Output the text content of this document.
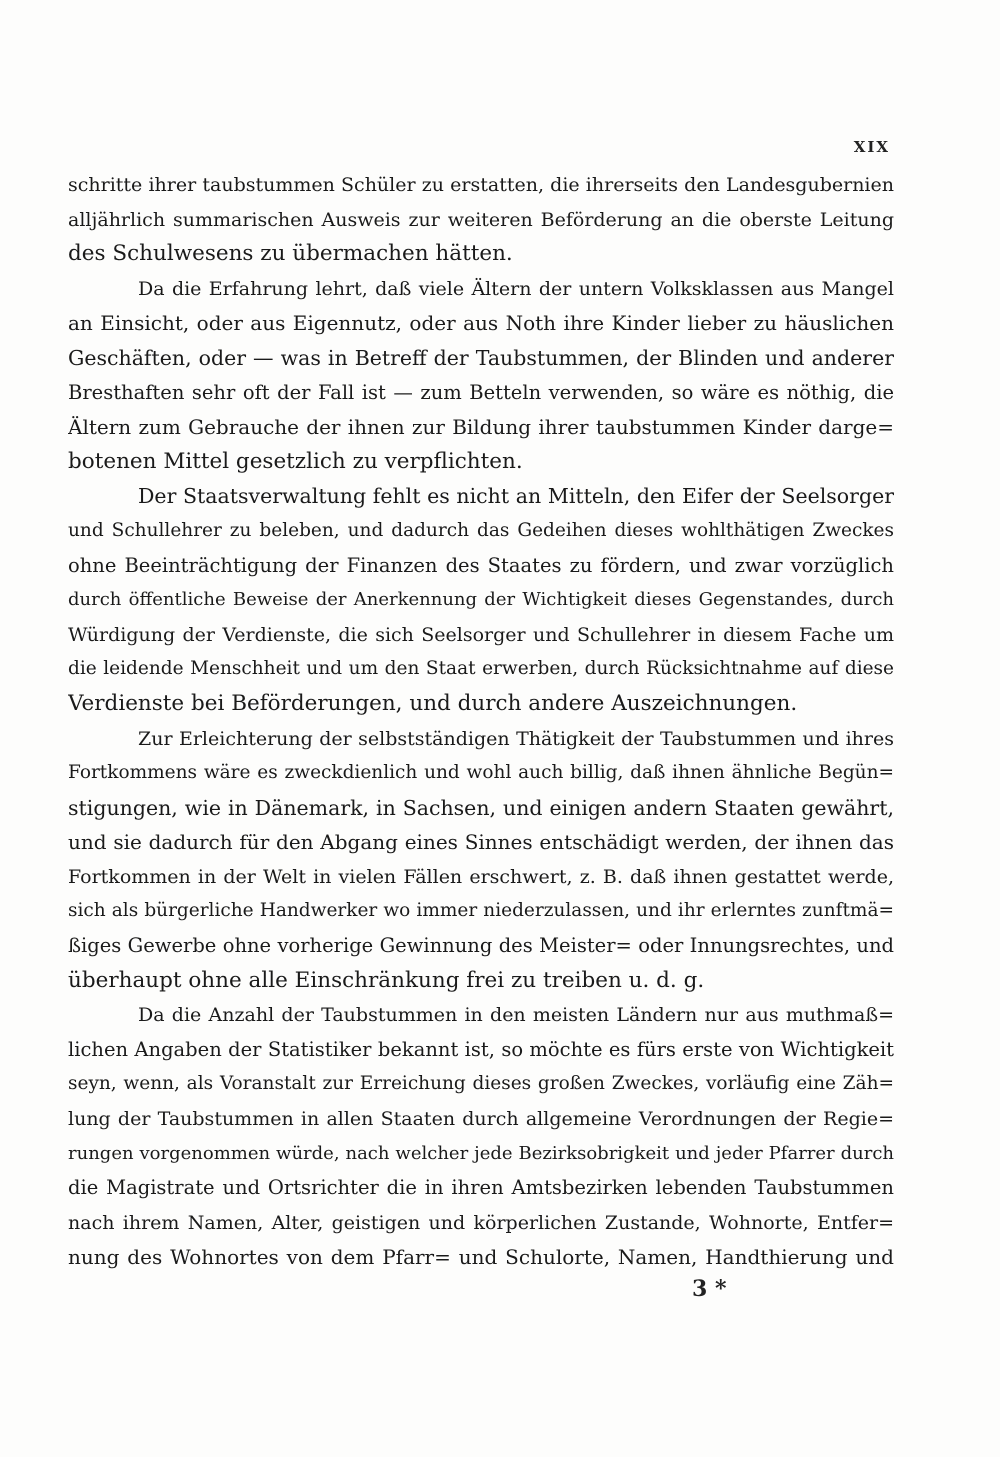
XIX
schritte ihrer taubstummen Schüler zu erstatten, die ihrerseits den Landesgubernien
alljährlich summarischen Ausweis zur weiteren Beförderung an die oberste Leitung
des Schulwesens zu übermachen hätten.
Da die Erfahrung lehrt, daß viele Ältern der untern Volksklassen aus Mangel
an Einsicht, oder aus Eigennutz, oder aus Noth ihre Kinder lieber zu häuslichen
Geschäften, oder — was in Betreff der Taubstummen, der Blinden und anderer
Bresthaften sehr oft der Fall ist — zum Betteln verwenden, so wäre es nöthig, die
Ältern zum Gebrauche der ihnen zur Bildung ihrer taubstummen Kinder darge=
botenen Mittel gesetzlich zu verpflichten.
Der Staatsverwaltung fehlt es nicht an Mitteln, den Eifer der Seelsorger
und Schullehrer zu beleben, und dadurch das Gedeihen dieses wohlthätigen Zweckes
ohne Beeinträchtigung der Finanzen des Staates zu fördern, und zwar vorzüglich
durch öffentliche Beweise der Anerkennung der Wichtigkeit dieses Gegenstandes, durch
Würdigung der Verdienste, die sich Seelsorger und Schullehrer in diesem Fache um
die leidende Menschheit und um den Staat erwerben, durch Rücksichtnahme auf diese
Verdienste bei Beförderungen, und durch andere Auszeichnungen.
Zur Erleichterung der selbstständigen Thätigkeit der Taubstummen und ihres
Fortkommens wäre es zweckdienlich und wohl auch billig, daß ihnen ähnliche Begün=
stigungen, wie in Dänemark, in Sachsen, und einigen andern Staaten gewährt,
und sie dadurch für den Abgang eines Sinnes entschädigt werden, der ihnen das
Fortkommen in der Welt in vielen Fällen erschwert, z. B. daß ihnen gestattet werde,
sich als bürgerliche Handwerker wo immer niederzulassen, und ihr erlerntes zunftmä=
ßiges Gewerbe ohne vorherige Gewinnung des Meister= oder Innungsrechtes, und
überhaupt ohne alle Einschränkung frei zu treiben u. d. g.
Da die Anzahl der Taubstummen in den meisten Ländern nur aus muthmaß=
lichen Angaben der Statistiker bekannt ist, so möchte es fürs erste von Wichtigkeit
seyn, wenn, als Voranstalt zur Erreichung dieses großen Zweckes, vorläufig eine Zäh=
lung der Taubstummen in allen Staaten durch allgemeine Verordnungen der Regie=
rungen vorgenommen würde, nach welcher jede Bezirksobrigkeit und jeder Pfarrer durch
die Magistrate und Ortsrichter die in ihren Amtsbezirken lebenden Taubstummen
nach ihrem Namen, Alter, geistigen und körperlichen Zustande, Wohnorte, Entfer=
nung des Wohnortes von dem Pfarr= und Schulorte, Namen, Handthierung und
3 *
